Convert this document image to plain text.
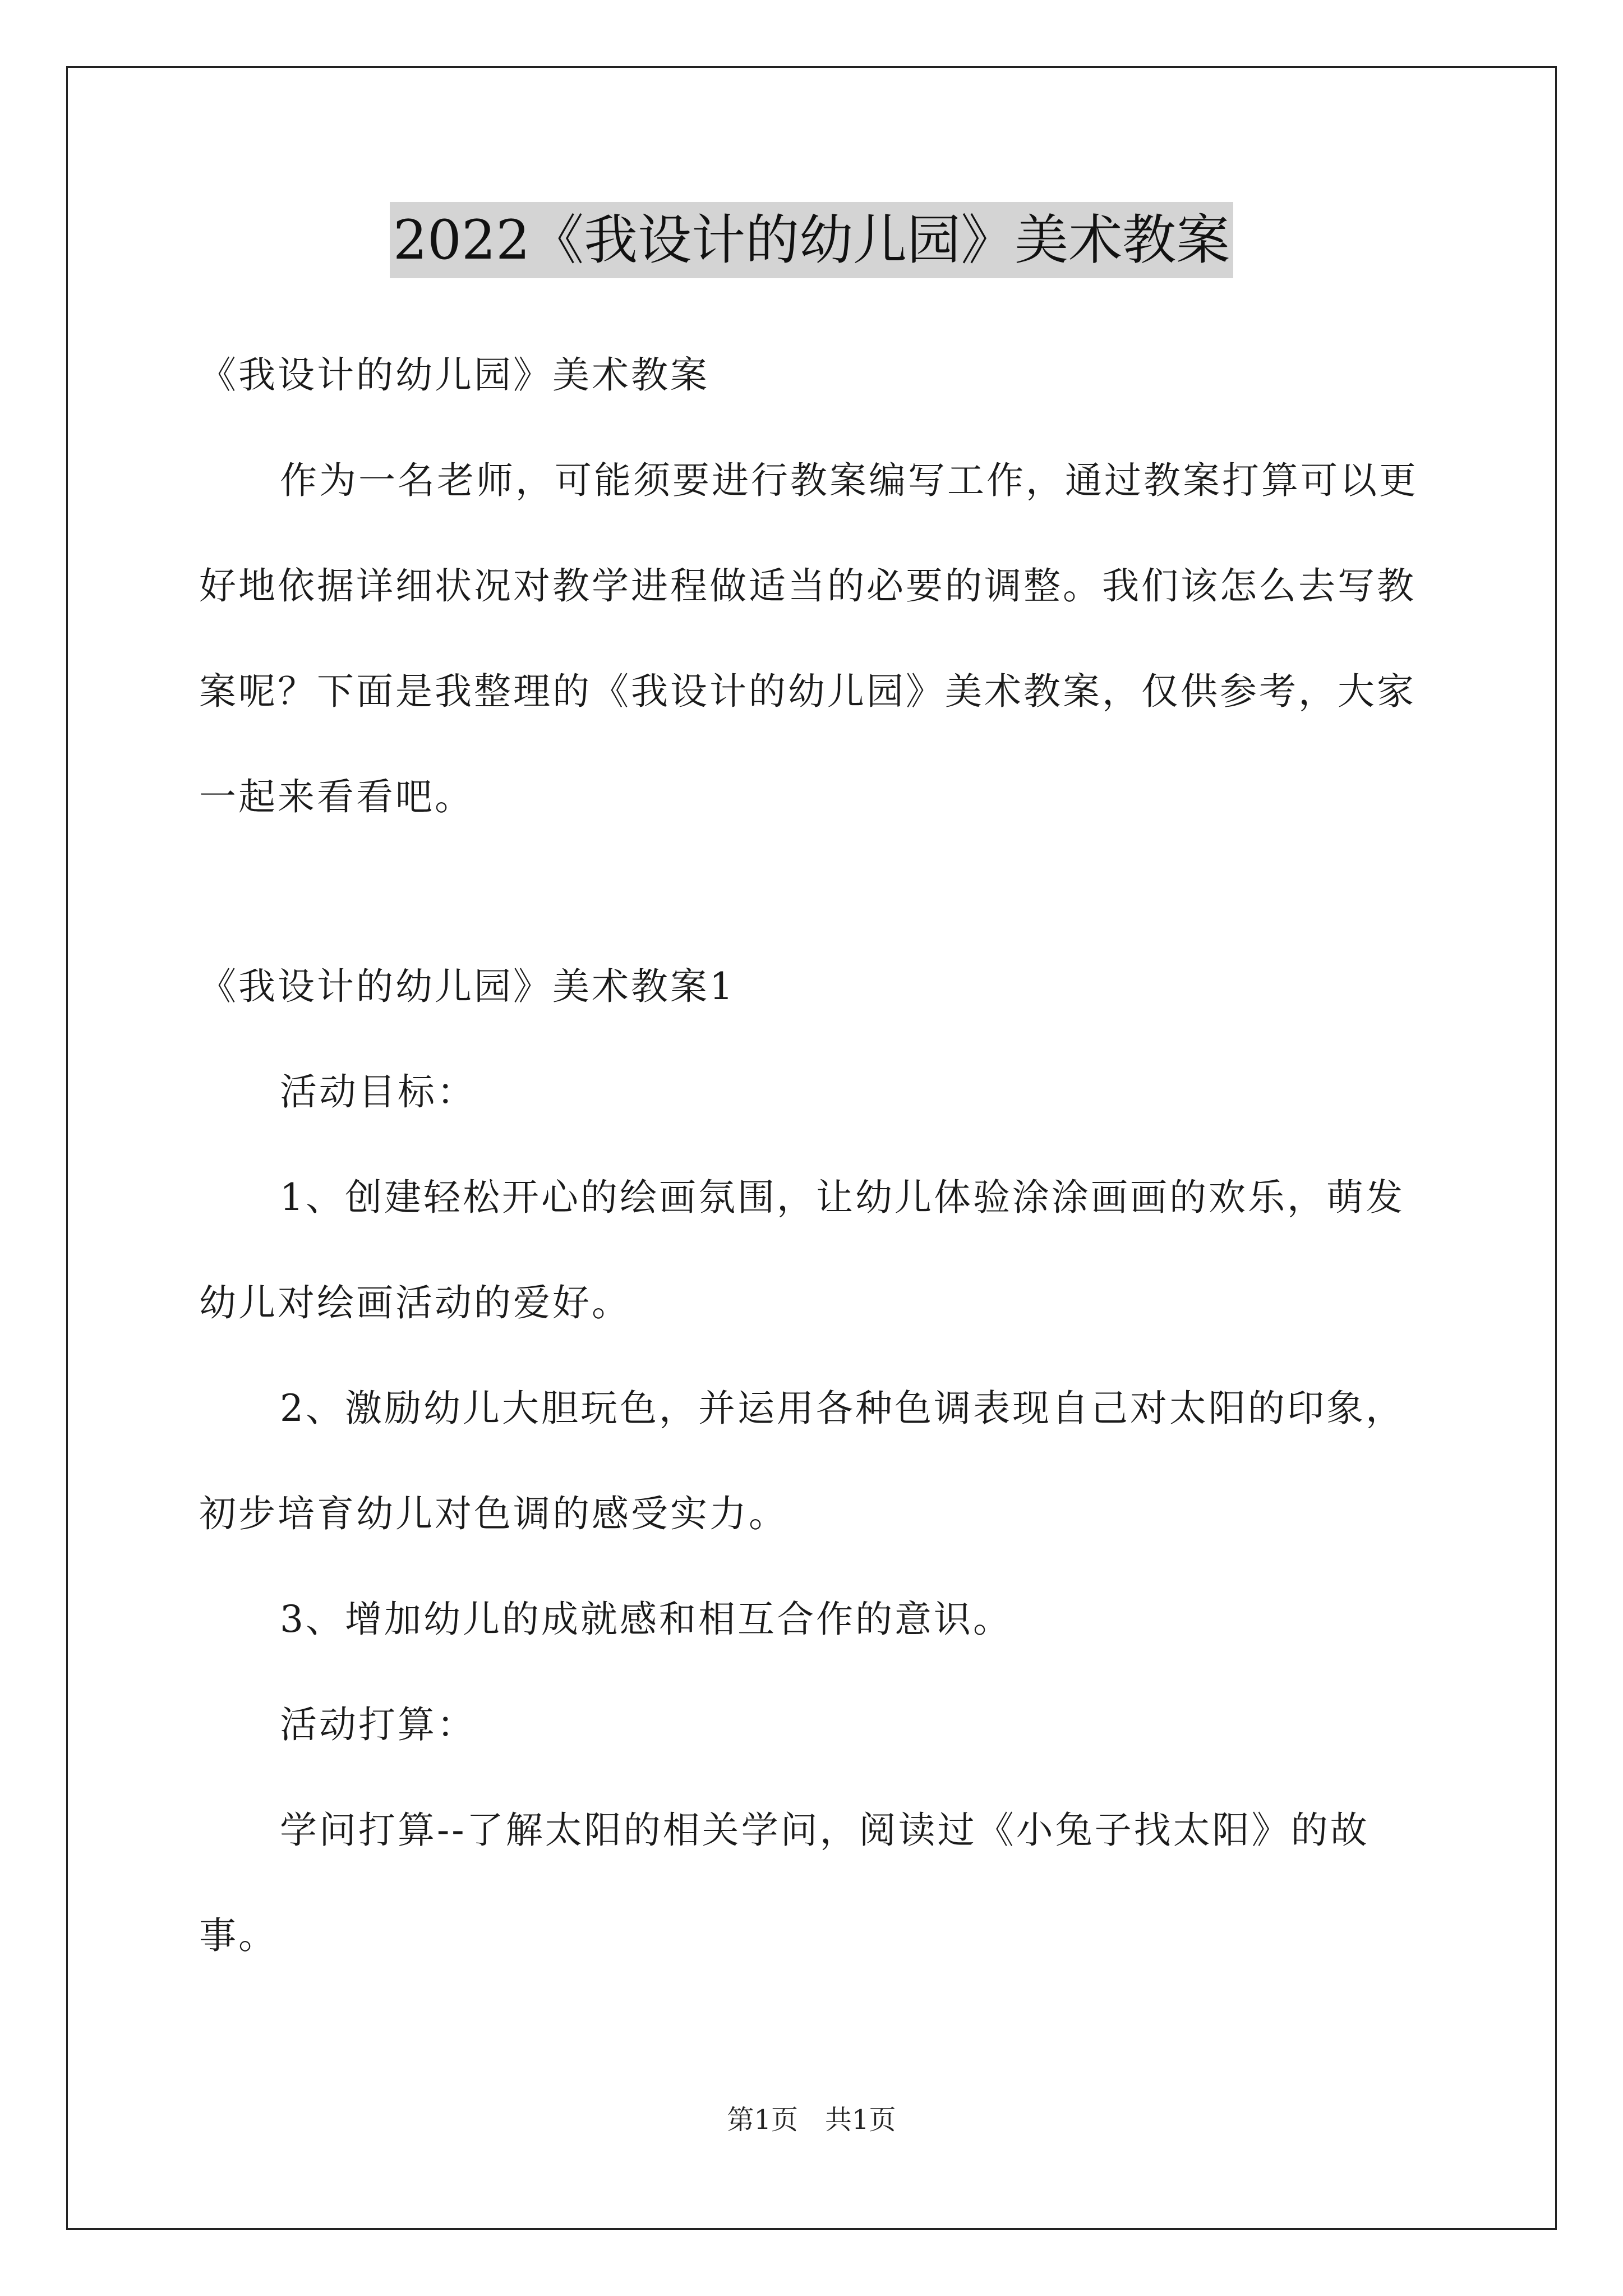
2022《我设计的幼儿园》美术教案

《我设计的幼儿园》美术教案

作为一名老师，可能须要进行教案编写工作，通过教案打算可以更好地依据详细状况对教学进程做适当的必要的调整。我们该怎么去写教案呢？下面是我整理的《我设计的幼儿园》美术教案，仅供参考，大家一起来看看吧。

《我设计的幼儿园》美术教案1

活动目标：

1、创建轻松开心的绘画氛围，让幼儿体验涂涂画画的欢乐，萌发幼儿对绘画活动的爱好。

2、激励幼儿大胆玩色，并运用各种色调表现自己对太阳的印象，初步培育幼儿对色调的感受实力。

3、增加幼儿的成就感和相互合作的意识。

活动打算：

学问打算--了解太阳的相关学问，阅读过《小兔子找太阳》的故事。

第1页 共1页
